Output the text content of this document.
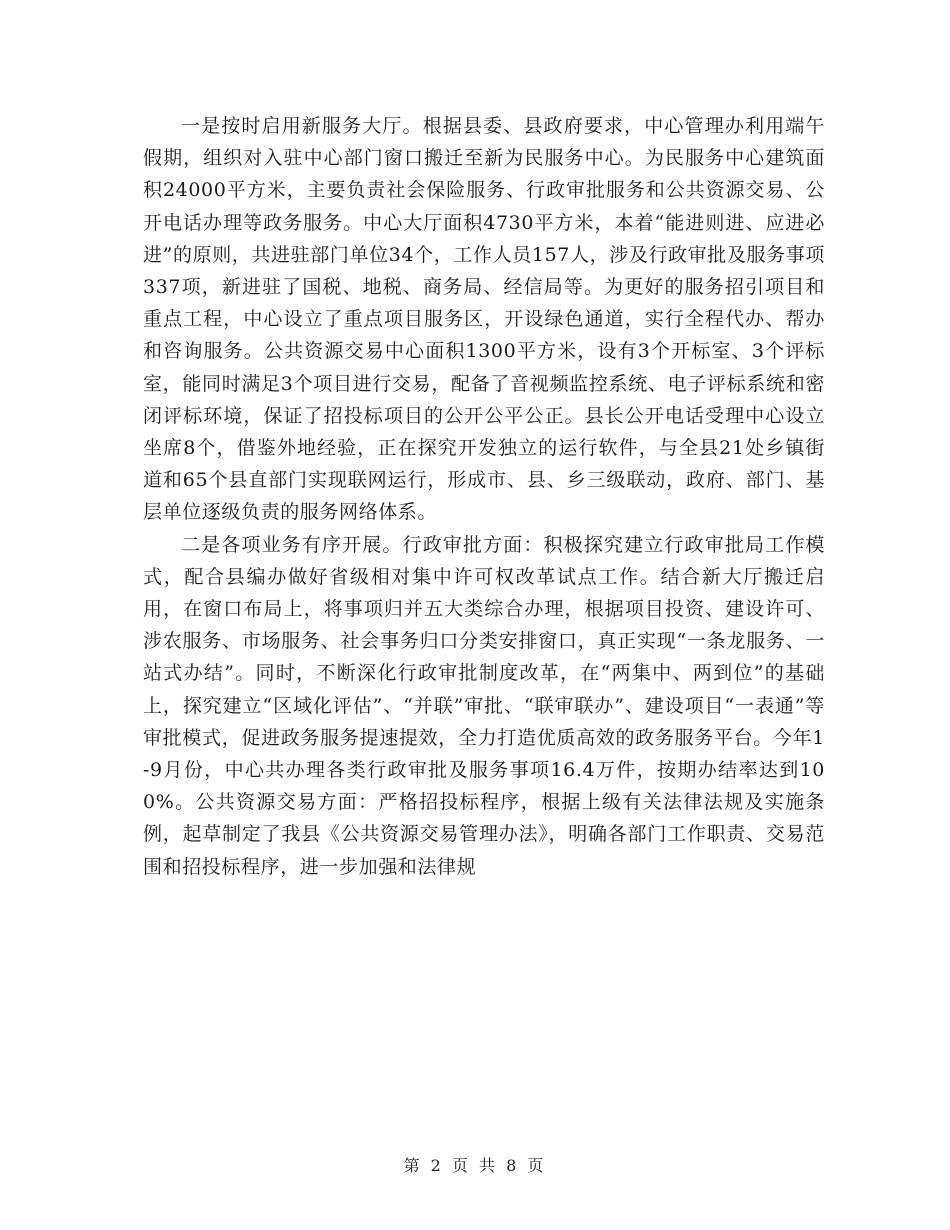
一是按时启用新服务大厅。根据县委、县政府要求，中心管理办利用端午假期，组织对入驻中心部门窗口搬迁至新为民服务中心。为民服务中心建筑面积24000平方米，主要负责社会保险服务、行政审批服务和公共资源交易、公开电话办理等政务服务。中心大厅面积4730平方米，本着“能进则进、应进必进”的原则，共进驻部门单位34个，工作人员157人，涉及行政审批及服务事项337项，新进驻了国税、地税、商务局、经信局等。为更好的服务招引项目和重点工程，中心设立了重点项目服务区，开设绿色通道，实行全程代办、帮办和咨询服务。公共资源交易中心面积1300平方米，设有3个开标室、3个评标室，能同时满足3个项目进行交易，配备了音视频监控系统、电子评标系统和密闭评标环境，保证了招投标项目的公开公平公正。县长公开电话受理中心设立坐席8个，借鉴外地经验，正在探究开发独立的运行软件，与全县21处乡镇街道和65个县直部门实现联网运行，形成市、县、乡三级联动，政府、部门、基层单位逐级负责的服务网络体系。

二是各项业务有序开展。行政审批方面：积极探究建立行政审批局工作模式，配合县编办做好省级相对集中许可权改革试点工作。结合新大厅搬迁启用，在窗口布局上，将事项归并五大类综合办理，根据项目投资、建设许可、涉农服务、市场服务、社会事务归口分类安排窗口，真正实现“一条龙服务、一站式办结”。同时，不断深化行政审批制度改革，在“两集中、两到位”的基础上，探究建立“区域化评估”、“并联”审批、“联审联办”、建设项目“一表通”等审批模式，促进政务服务提速提效，全力打造优质高效的政务服务平台。今年1-9月份，中心共办理各类行政审批及服务事项16.4万件，按期办结率达到100%。公共资源交易方面：严格招投标程序，根据上级有关法律法规及实施条例，起草制定了我县《公共资源交易管理办法》，明确各部门工作职责、交易范围和招投标程序，进一步加强和法律规

第 2 页 共 8 页
